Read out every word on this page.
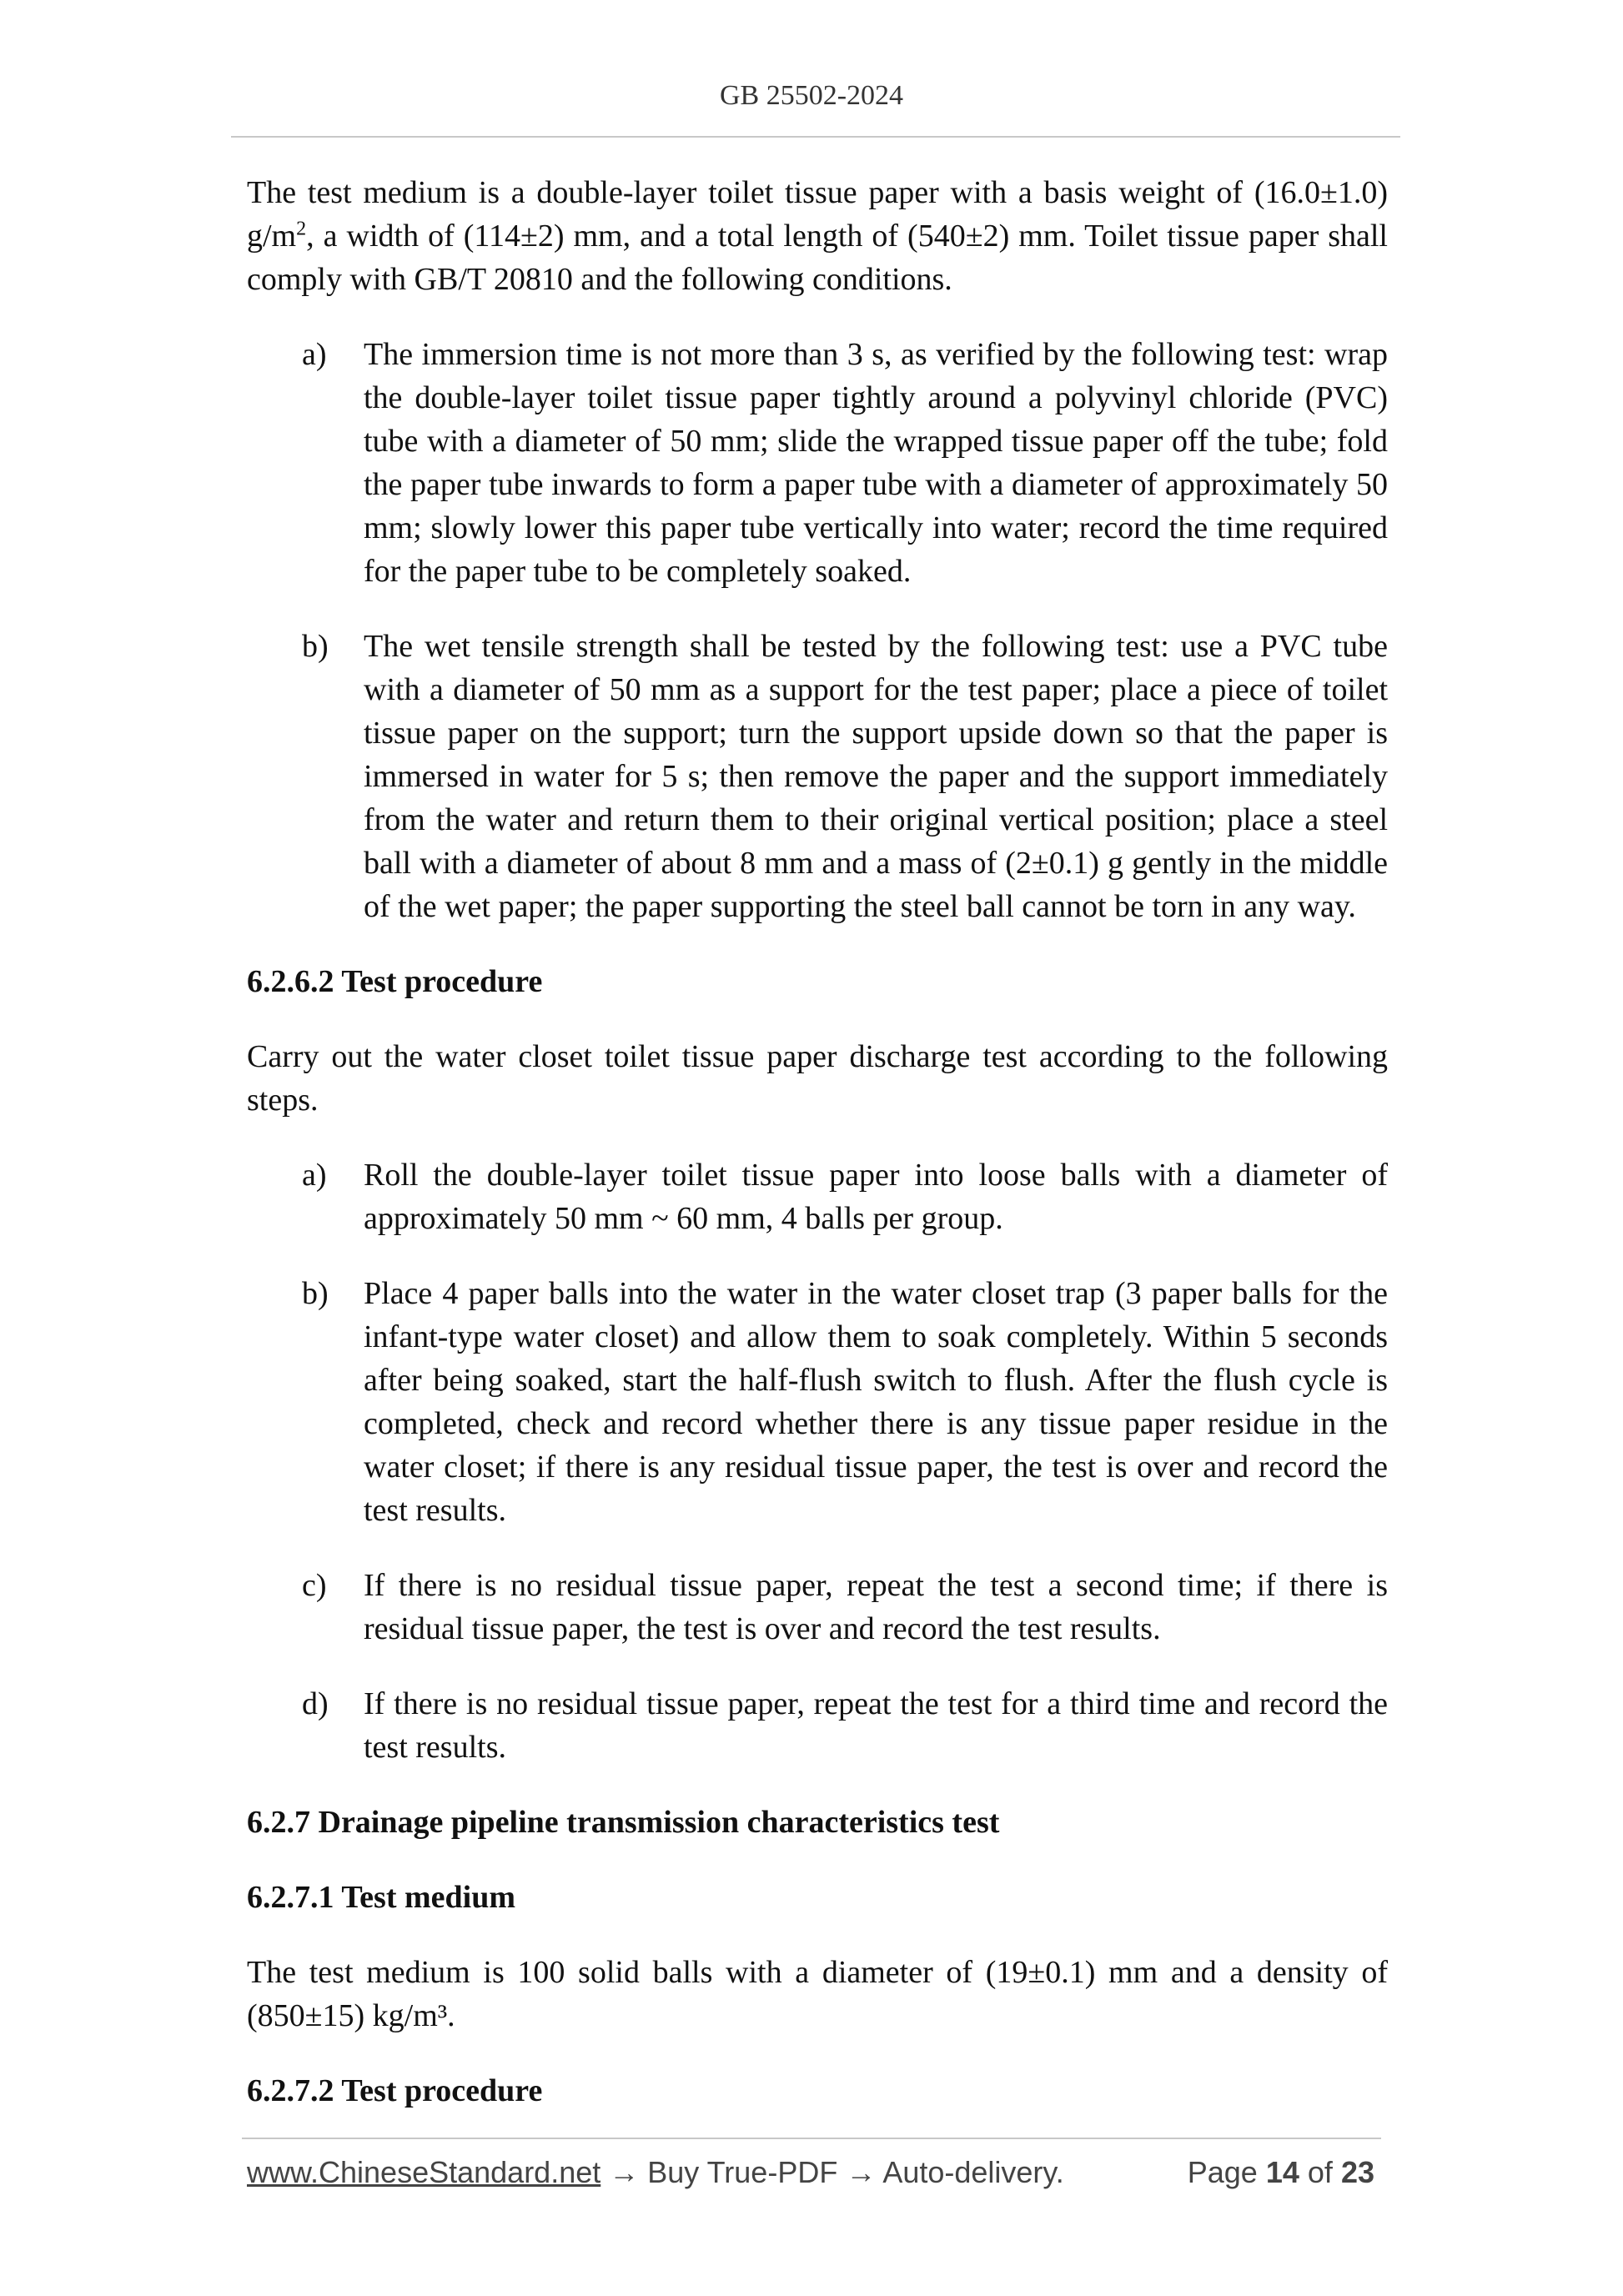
GB 25502-2024

The test medium is a double-layer toilet tissue paper with a basis weight of (16.0±1.0) $g/m^2$, a width of (114±2) mm, and a total length of (540±2) mm. Toilet tissue paper shall comply with GB/T 20810 and the following conditions.

a) The immersion time is not more than 3 s, as verified by the following test: wrap the double-layer toilet tissue paper tightly around a polyvinyl chloride (PVC) tube with a diameter of 50 mm; slide the wrapped tissue paper off the tube; fold the paper tube inwards to form a paper tube with a diameter of approximately 50 mm; slowly lower this paper tube vertically into water; record the time required for the paper tube to be completely soaked.
b) The wet tensile strength shall be tested by the following test: use a PVC tube with a diameter of 50 mm as a support for the test paper; place a piece of toilet tissue paper on the support; turn the support upside down so that the paper is immersed in water for 5 s; then remove the paper and the support immediately from the water and return them to their original vertical position; place a steel ball with a diameter of about 8 mm and a mass of (2±0.1) g gently in the middle of the wet paper; the paper supporting the steel ball cannot be torn in any way.
6.2.6.2 Test procedure

Carry out the water closet toilet tissue paper discharge test according to the following steps.

a) Roll the double-layer toilet tissue paper into loose balls with a diameter of approximately 50 mm ~ 60 mm, 4 balls per group.
b) Place 4 paper balls into the water in the water closet trap (3 paper balls for the infant-type water closet) and allow them to soak completely. Within 5 seconds after being soaked, start the half-flush switch to flush. After the flush cycle is completed, check and record whether there is any tissue paper residue in the water closet; if there is any residual tissue paper, the test is over and record the test results.
c) If there is no residual tissue paper, repeat the test a second time; if there is residual tissue paper, the test is over and record the test results.
d) If there is no residual tissue paper, repeat the test for a third time and record the test results.
6.2.7 Drainage pipeline transmission characteristics test
6.2.7.1 Test medium

The test medium is 100 solid balls with a diameter of (19±0.1) mm and a density of (850±15) kg/m³.

6.2.7.2 Test procedure
www.ChineseStandard.net → Buy True-PDF → Auto-delivery.	Page 14 of 23
